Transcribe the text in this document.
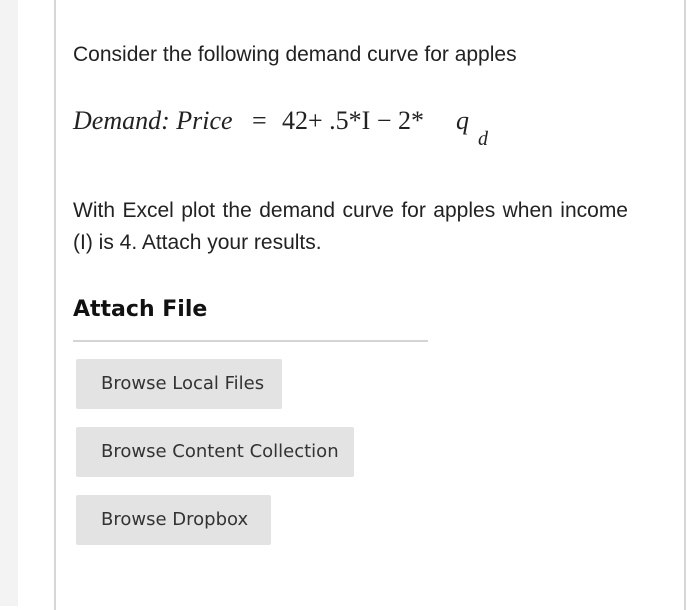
Consider the following demand curve for apples
Demand: Price = 42+ .5*I − 2* q
d
With Excel plot the demand curve for apples when income (I) is 4. Attach your results.
Attach File
Browse Local Files
Browse Content Collection
Browse Dropbox
